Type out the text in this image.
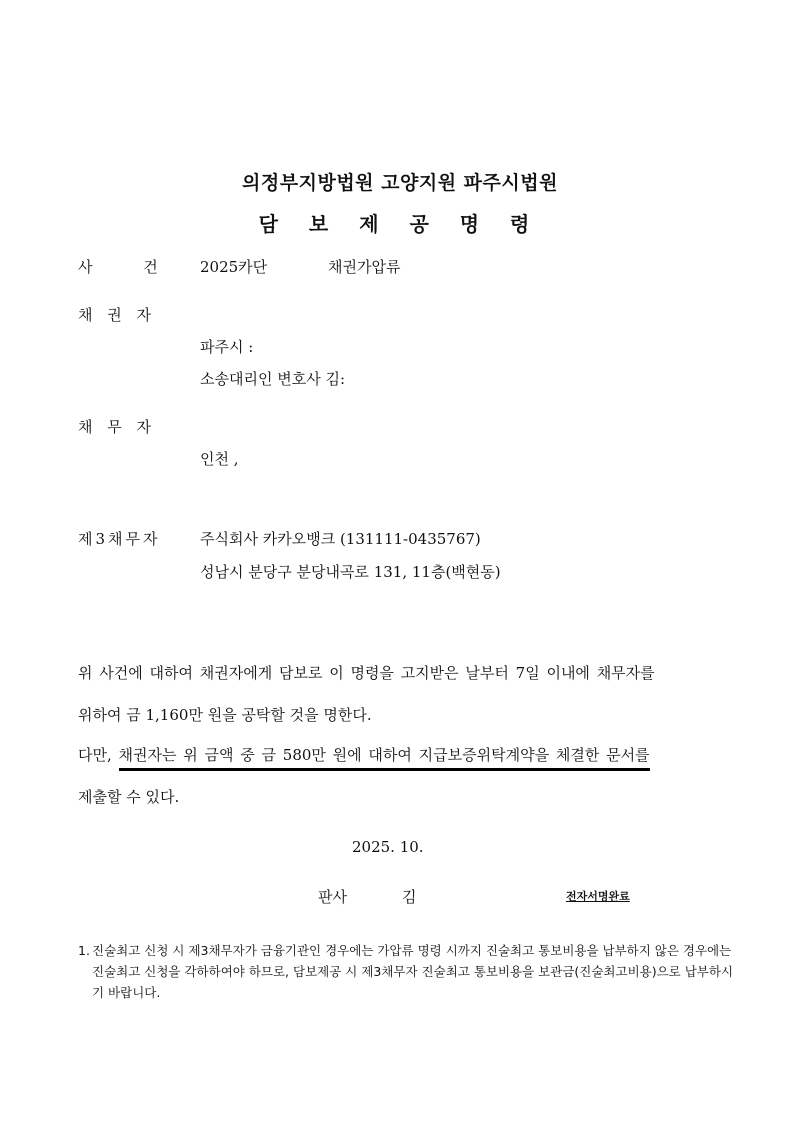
의정부지방법원 고양지원 파주시법원
담 보 제 공 명 령
사 건	2025카단	채권가압류
채 권 자
파주시 :
소송대리인 변호사 김:
채 무 자
인천 ,
제3채무자	주식회사 카카오뱅크 (131111-0435767)
성남시 분당구 분당내곡로 131, 11층(백현동)
위 사건에 대하여 채권자에게 담보로 이 명령을 고지받은 날부터 7일 이내에 채무자를
위하여 금 1,160만 원을 공탁할 것을 명한다.
다만, 채권자는 위 금액 중 금 580만 원에 대하여 지급보증위탁계약을 체결한 문서를
제출할 수 있다.
2025. 10.
판사	김	전자서명완료
1. 진술최고 신청 시 제3채무자가 금융기관인 경우에는 가압류 명령 시까지 진술최고 통보비용을 납부하지 않은 경우에는 진술최고 신청을 각하하여야 하므로, 담보제공 시 제3채무자 진술최고 통보비용을 보관금(진술최고비용)으로 납부하시기 바랍니다.
